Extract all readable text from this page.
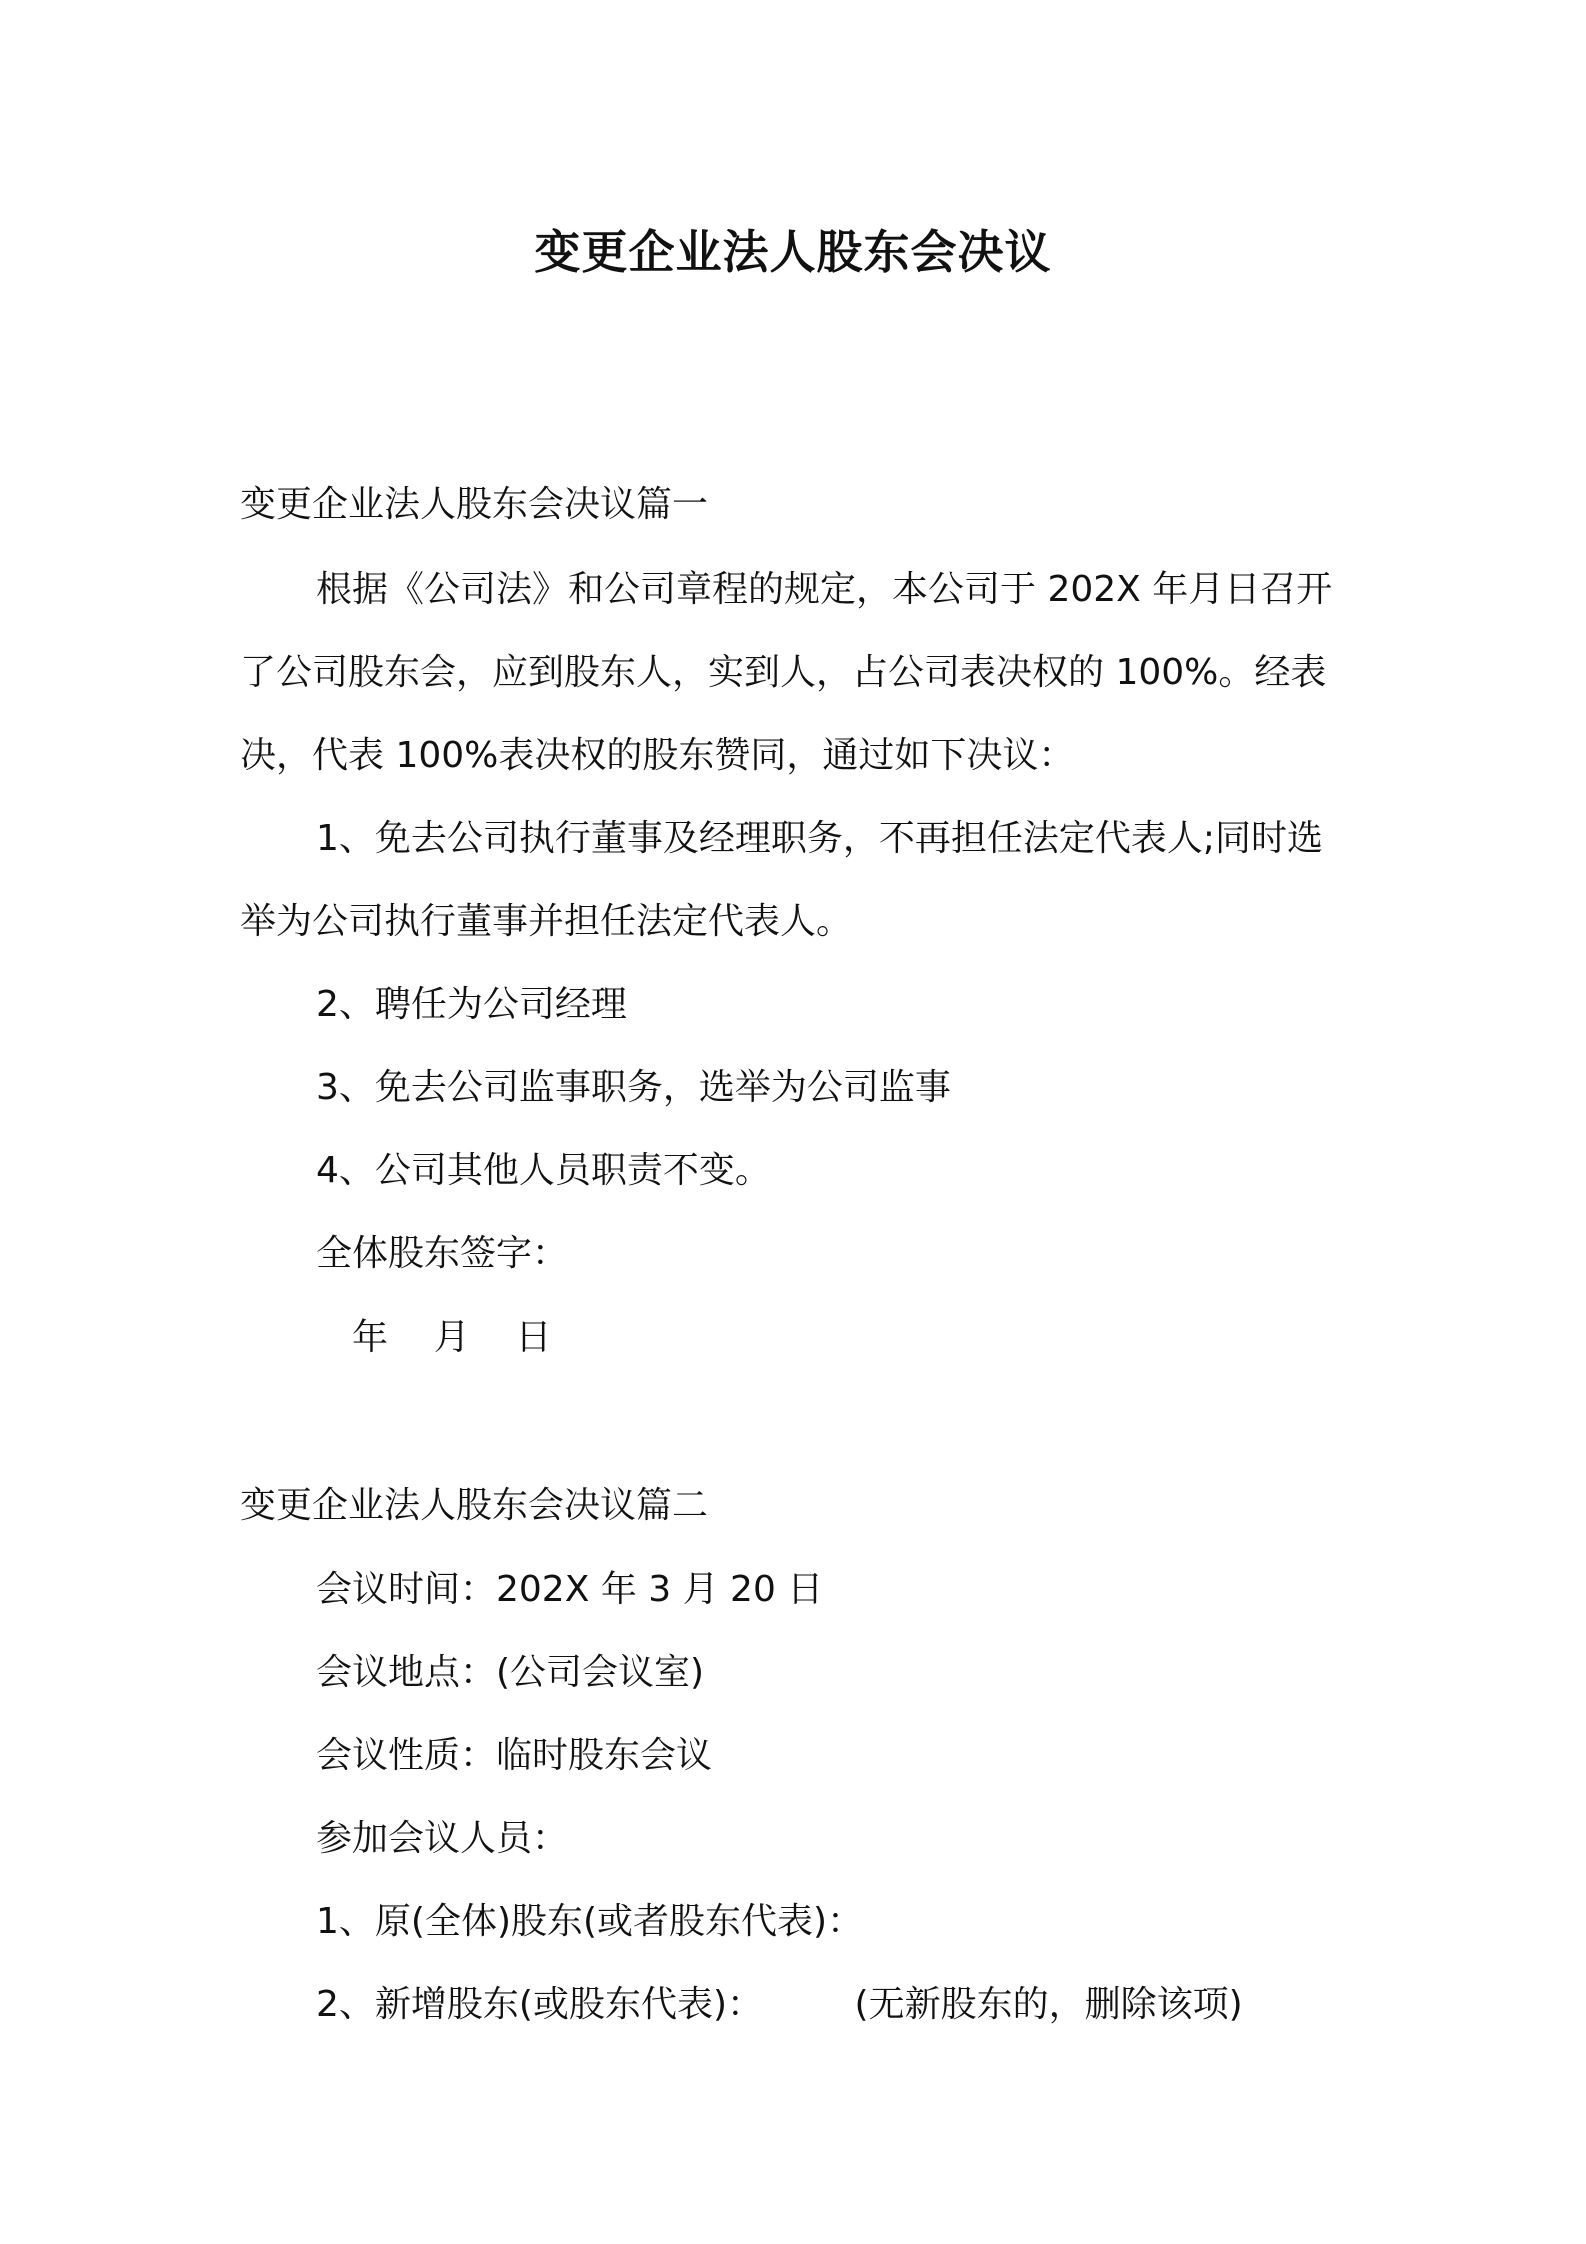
变更企业法人股东会决议
变更企业法人股东会决议篇一
根据《公司法》和公司章程的规定，本公司于 202X 年月日召开
了公司股东会，应到股东人，实到人，占公司表决权的 100%。经表
决，代表 100%表决权的股东赞同，通过如下决议：
1、免去公司执行董事及经理职务，不再担任法定代表人;同时选
举为公司执行董事并担任法定代表人。
2、聘任为公司经理
3、免去公司监事职务，选举为公司监事
4、公司其他人员职责不变。
全体股东签字：
年    月    日
变更企业法人股东会决议篇二
会议时间：202X 年 3 月 20 日
会议地点：(公司会议室)
会议性质：临时股东会议
参加会议人员：
1、原(全体)股东(或者股东代表)：
2、新增股东(或股东代表)：        (无新股东的，删除该项)
